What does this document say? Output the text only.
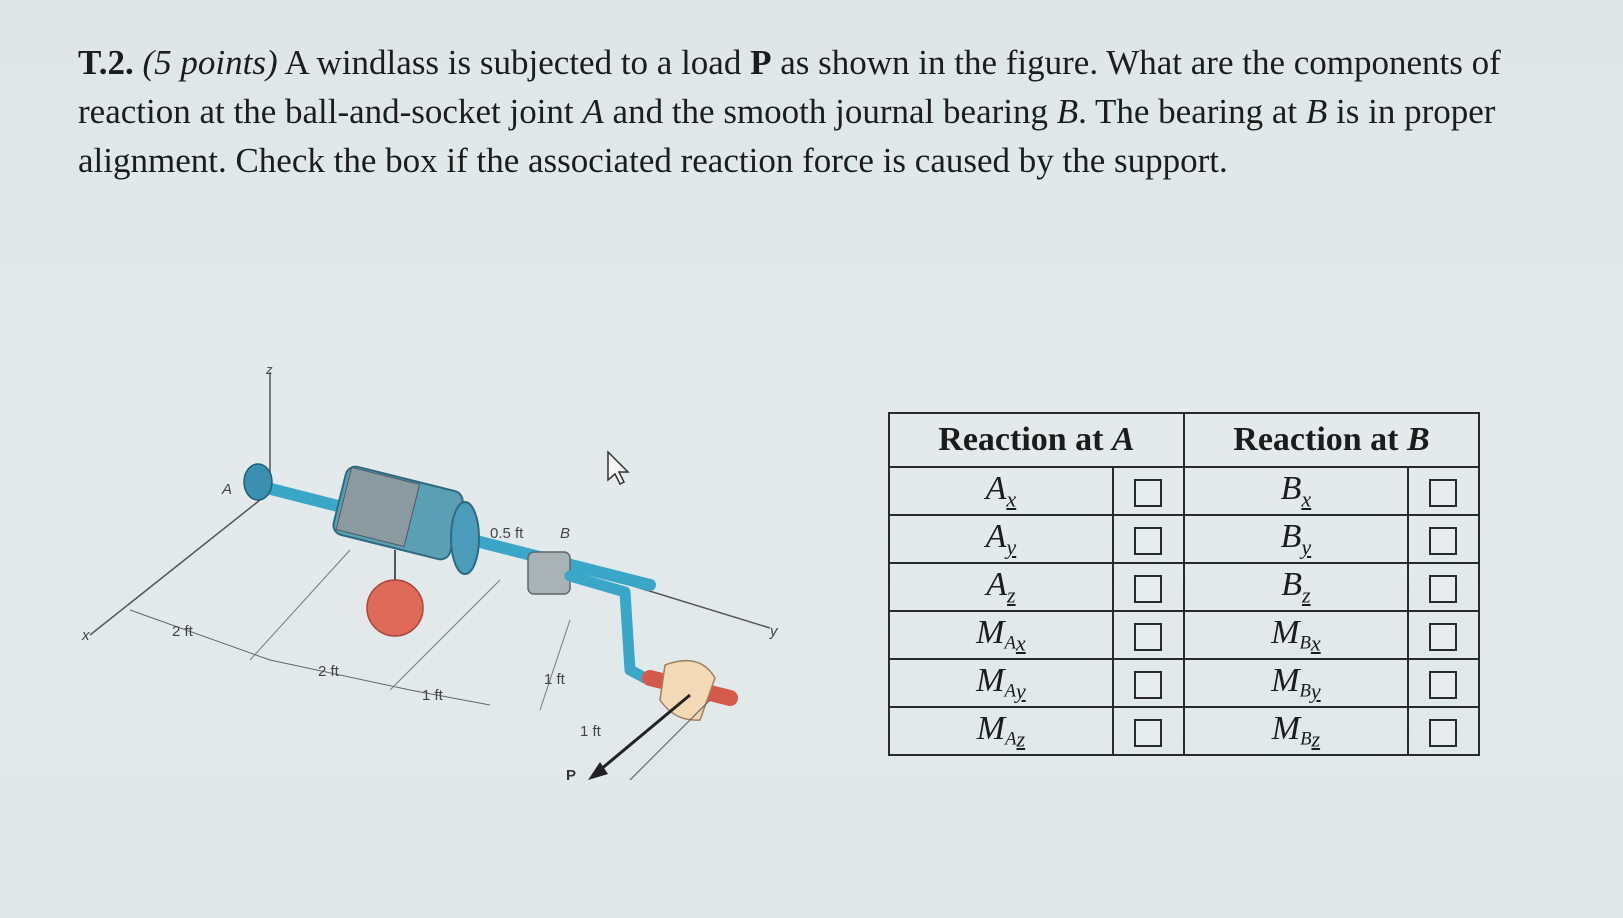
T.2. (5 points) A windlass is subjected to a load P as shown in the figure. What are the components of reaction at the ball-and-socket joint A and the smooth journal bearing B. The bearing at B is in proper alignment. Check the box if the associated reaction force is caused by the support.

z
x	y
A
B
P
2 ft
2 ft
1 ft
0.5 ft
1 ft
1 ft
Reaction at A		Reaction at B	
$A_x$		$B_x$	
$A_y$		$B_y$	
$A_z$		$B_z$	
$MA_x$		$MB_x$	
$MA_y$		$MB_y$	
$MA_z$		$MB_z$	
